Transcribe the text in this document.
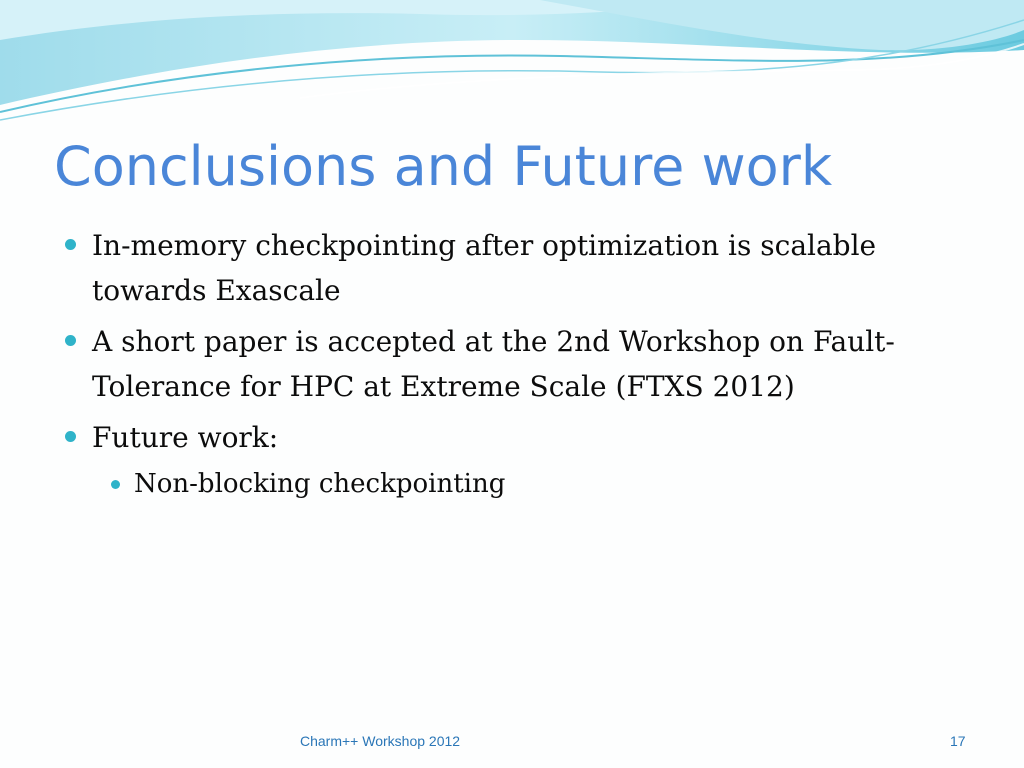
Conclusions and Future work
In-memory checkpointing after optimization is scalable towards Exascale
A short paper is accepted at the 2nd Workshop on Fault-Tolerance for HPC at Extreme Scale (FTXS 2012)
Future work:
Non-blocking checkpointing
Charm++ Workshop 2012	17
